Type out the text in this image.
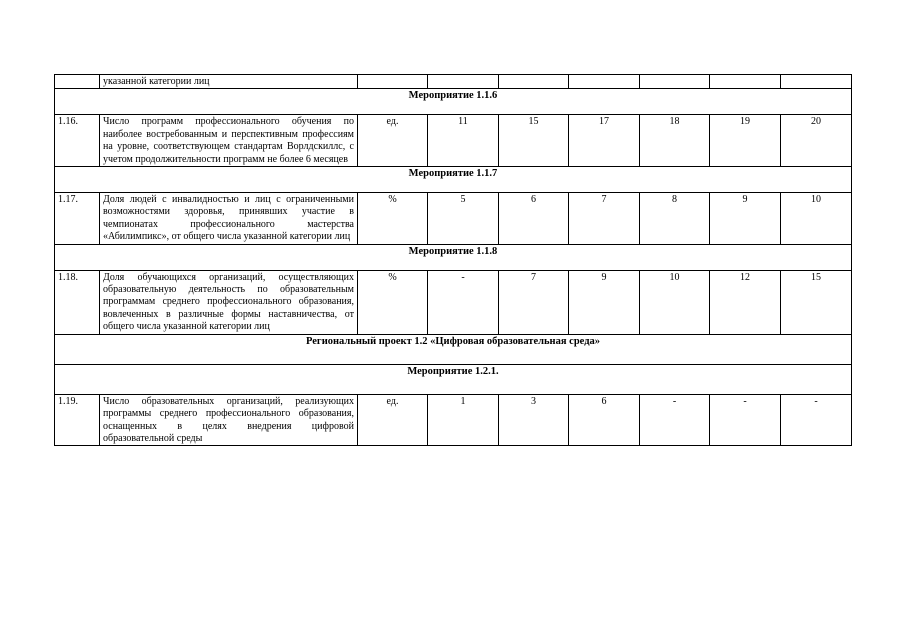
	указанной категории лиц							
Мероприятие 1.1.6								
1.16.	Число программ профессионального обучения по наиболее востребованным и перспективным профессиям на уровне, соответствующем стандартам Ворлдскиллс, с учетом продолжительности программ не более 6 месяцев	ед.	11	15	17	18	19	20
Мероприятие 1.1.7								
1.17.	Доля людей с инвалидностью и лиц с ограниченными возможностями здоровья, принявших участие в чемпионатах профессионального мастерства «Абилимпикс», от общего числа указанной категории лиц	%	5	6	7	8	9	10
Мероприятие 1.1.8								
1.18.	Доля обучающихся организаций, осуществляющих образовательную деятельность по образовательным программам среднего профессионального образования, вовлеченных в различные формы наставничества, от общего числа указанной категории лиц	%	-	7	9	10	12	15
Региональный проект 1.2 «Цифровая образовательная среда»								
Мероприятие 1.2.1.								
1.19.	Число образовательных организаций, реализующих программы среднего профессионального образования, оснащенных в целях внедрения цифровой образовательной среды	ед.	1	3	6	-	-	-
